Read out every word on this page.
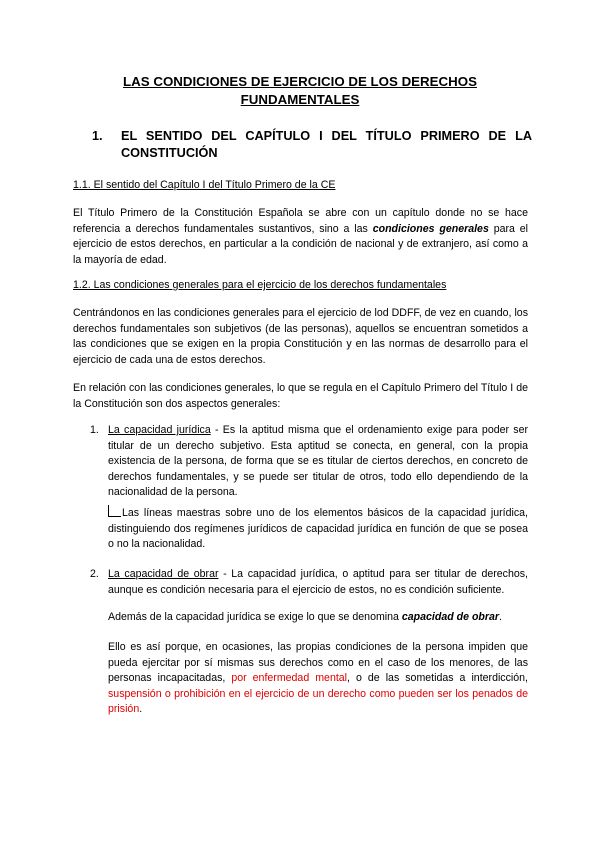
LAS CONDICIONES DE EJERCICIO DE LOS DERECHOS
FUNDAMENTALES
1.	EL SENTIDO DEL CAPÍTULO I DEL TÍTULO PRIMERO DE LA CONSTITUCIÓN
1.1. El sentido del Capítulo I del Título Primero de la CE
El Título Primero de la Constitución Española se abre con un capítulo donde no se hace referencia a derechos fundamentales sustantivos, sino a las condiciones generales para el ejercicio de estos derechos, en particular a la condición de nacional y de extranjero, así como a la mayoría de edad.
1.2. Las condiciones generales para el ejercicio de los derechos fundamentales
Centrándonos en las condiciones generales para el ejercicio de lod DDFF, de vez en cuando, los derechos fundamentales son subjetivos (de las personas), aquellos se encuentran sometidos a las condiciones que se exigen en la propia Constitución y en las normas de desarrollo para el ejercicio de cada una de estos derechos.
En relación con las condiciones generales, lo que se regula en el Capítulo Primero del Título I de la Constitución son dos aspectos generales:
1. La capacidad jurídica - Es la aptitud misma que el ordenamiento exige para poder ser titular de un derecho subjetivo. Esta aptitud se conecta, en general, con la propia existencia de la persona, de forma que se es titular de ciertos derechos, en concreto de derechos fundamentales, y se puede ser titular de otros, todo ello dependiendo de la nacionalidad de la persona.
Las líneas maestras sobre uno de los elementos básicos de la capacidad jurídica, distinguiendo dos regímenes jurídicos de capacidad jurídica en función de que se posea o no la nacionalidad.
2. La capacidad de obrar - La capacidad jurídica, o aptitud para ser titular de derechos, aunque es condición necesaria para el ejercicio de estos, no es condición suficiente.
Además de la capacidad jurídica se exige lo que se denomina capacidad de obrar.
Ello es así porque, en ocasiones, las propias condiciones de la persona impiden que pueda ejercitar por sí mismas sus derechos como en el caso de los menores, de las personas incapacitadas, por enfermedad mental, o de las sometidas a interdicción, suspensión o prohibición en el ejercicio de un derecho como pueden ser los penados de prisión.
